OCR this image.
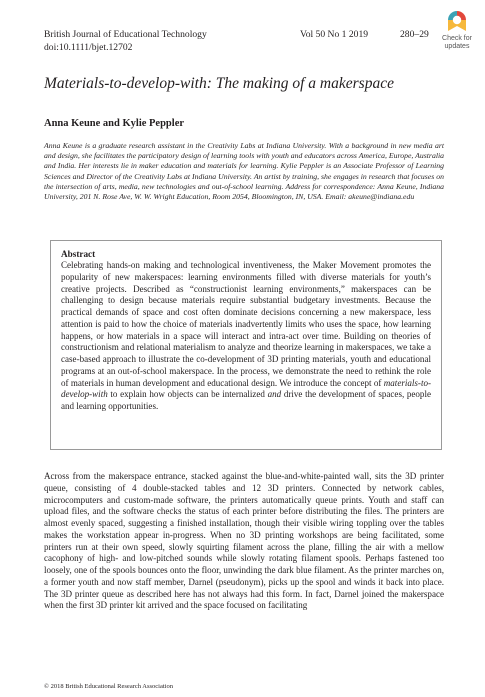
British Journal of Educational Technology	Vol 50 No 1 2019	280–29
doi:10.1111/bjet.12702
Check for
updates
Materials-to-develop-with: The making of a makerspace
Anna Keune and Kylie Peppler
Anna Keune is a graduate research assistant in the Creativity Labs at Indiana University. With a background in new media art and design, she facilitates the participatory design of learning tools with youth and educators across America, Europe, Australia and India. Her interests lie in maker education and materials for learning. Kylie Peppler is an Associate Professor of Learning Sciences and Director of the Creativity Labs at Indiana University. An artist by training, she engages in research that focuses on the intersection of arts, media, new technologies and out-of-school learning. Address for correspondence: Anna Keune, Indiana University, 201 N. Rose Ave, W. W. Wright Education, Room 2054, Bloomington, IN, USA. Email: akeune@indiana.edu
Abstract
Celebrating hands-on making and technological inventiveness, the Maker Movement promotes the popularity of new makerspaces: learning environments filled with diverse materials for youth’s creative projects. Described as “constructionist learning environments,” makerspaces can be challenging to design because materials require substantial budgetary investments. Because the practical demands of space and cost often dominate decisions concerning a new makerspace, less attention is paid to how the choice of materials inadvertently limits who uses the space, how learning happens, or how materials in a space will interact and intra-act over time. Building on theories of constructionism and relational materialism to analyze and theorize learning in makerspaces, we take a case-based approach to illustrate the co-development of 3D printing materials, youth and educational programs at an out-of-school makerspace. In the process, we demonstrate the need to rethink the role of materials in human development and educational design. We introduce the concept of materials-to-develop-with to explain how objects can be internalized and drive the development of spaces, people and learning opportunities.
Across from the makerspace entrance, stacked against the blue-and-white-painted wall, sits the 3D printer queue, consisting of 4 double-stacked tables and 12 3D printers. Connected by network cables, microcomputers and custom-made software, the printers automatically queue prints. Youth and staff can upload files, and the software checks the status of each printer before distributing the files. The printers are almost evenly spaced, suggesting a finished installation, though their visible wiring toppling over the tables makes the workstation appear in-progress. When no 3D printing workshops are being facilitated, some printers run at their own speed, slowly squirting filament across the plane, filling the air with a mellow cacophony of high- and low-pitched sounds while slowly rotating filament spools. Perhaps fastened too loosely, one of the spools bounces onto the floor, unwinding the dark blue filament. As the printer marches on, a former youth and now staff member, Darnel (pseudonym), picks up the spool and winds it back into place. The 3D printer queue as described here has not always had this form. In fact, Darnel joined the makerspace when the first 3D printer kit arrived and the space focused on facilitating
© 2018 British Educational Research Association
